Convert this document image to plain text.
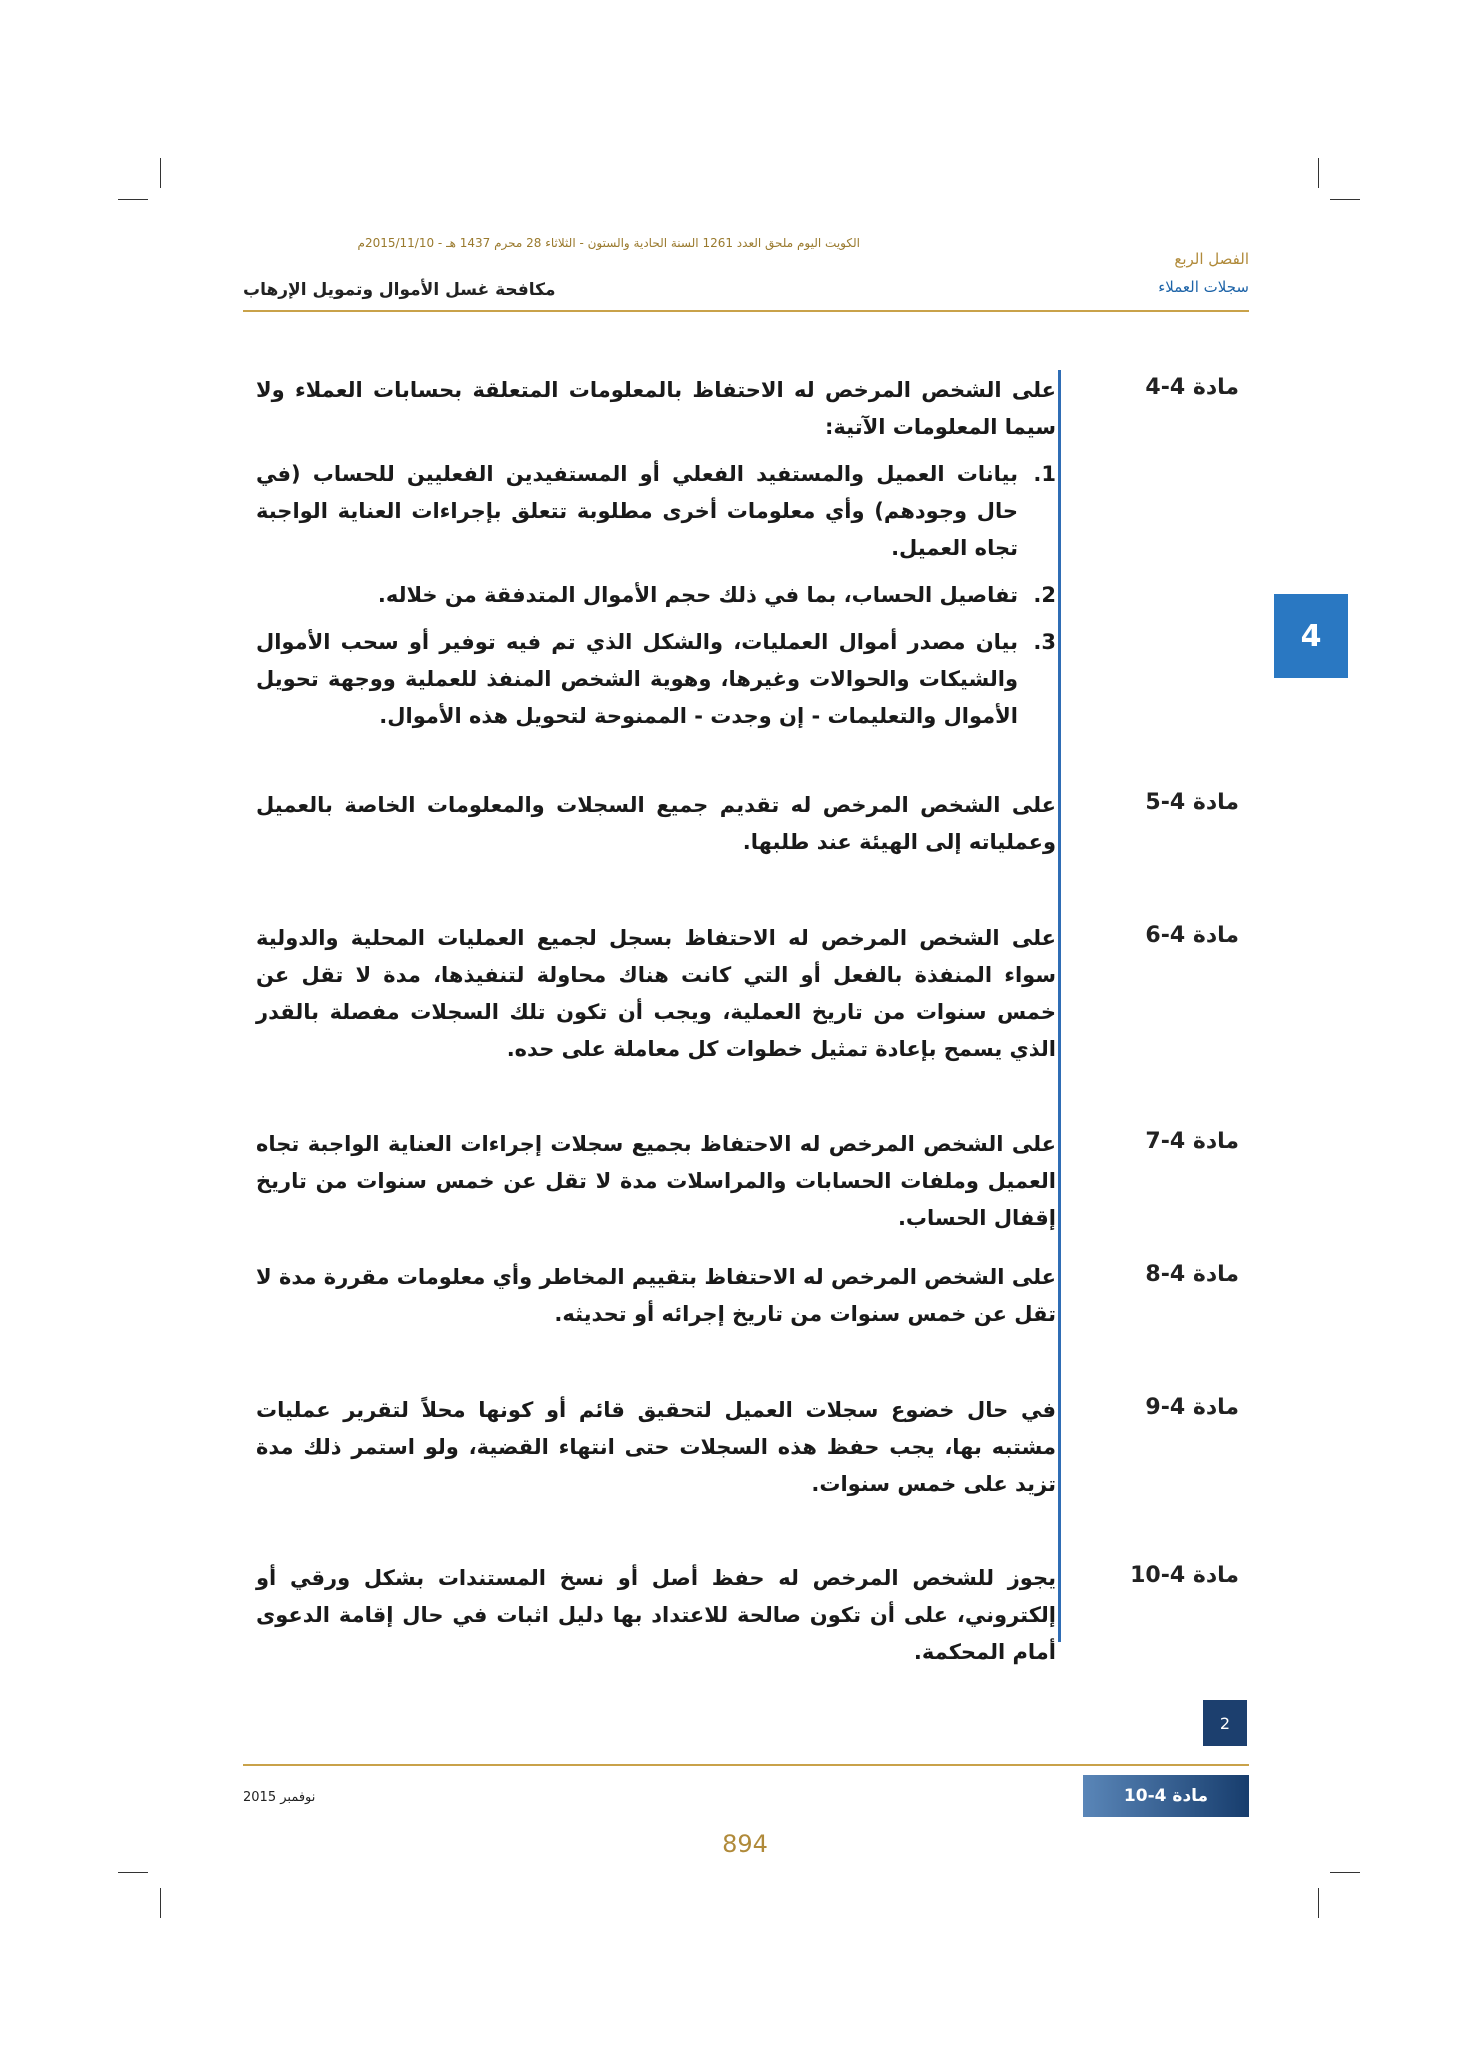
الكويت اليوم ملحق العدد 1261 السنة الحادية والستون - الثلاثاء 28 محرم 1437 هـ - 2015/11/10م
مكافحة غسل الأموال وتمويل الإرهاب
الفصل الربع
سجلات العملاء
4
مادة 4-4

على الشخص المرخص له الاحتفاظ بالمعلومات المتعلقة بحسابات العملاء ولا سيما المعلومات الآتية:

1.
بيانات العميل والمستفيد الفعلي أو المستفيدين الفعليين للحساب (في حال وجودهم) وأي معلومات أخرى مطلوبة تتعلق بإجراءات العناية الواجبة تجاه العميل.
2.
تفاصيل الحساب، بما في ذلك حجم الأموال المتدفقة من خلاله.
3.
بيان مصدر أموال العمليات، والشكل الذي تم فيه توفير أو سحب الأموال والشيكات والحوالات وغيرها، وهوية الشخص المنفذ للعملية ووجهة تحويل الأموال والتعليمات - إن وجدت - الممنوحة لتحويل هذه الأموال.
مادة 4-5

على الشخص المرخص له تقديم جميع السجلات والمعلومات الخاصة بالعميل وعملياته إلى الهيئة عند طلبها.

مادة 4-6

على الشخص المرخص له الاحتفاظ بسجل لجميع العمليات المحلية والدولية سواء المنفذة بالفعل أو التي كانت هناك محاولة لتنفيذها، مدة لا تقل عن خمس سنوات من تاريخ العملية، ويجب أن تكون تلك السجلات مفصلة بالقدر الذي يسمح بإعادة تمثيل خطوات كل معاملة على حده.

مادة 4-7

على الشخص المرخص له الاحتفاظ بجميع سجلات إجراءات العناية الواجبة تجاه العميل وملفات الحسابات والمراسلات مدة لا تقل عن خمس سنوات من تاريخ إقفال الحساب.

مادة 4-8

على الشخص المرخص له الاحتفاظ بتقييم المخاطر وأي معلومات مقررة مدة لا تقل عن خمس سنوات من تاريخ إجرائه أو تحديثه.

مادة 4-9

في حال خضوع سجلات العميل لتحقيق قائم أو كونها محلاً لتقرير عمليات مشتبه بها، يجب حفظ هذه السجلات حتى انتهاء القضية، ولو استمر ذلك مدة تزيد على خمس سنوات.

مادة 4-10

يجوز للشخص المرخص له حفظ أصل أو نسخ المستندات بشكل ورقي أو إلكتروني، على أن تكون صالحة للاعتداد بها دليل اثبات في حال إقامة الدعوى أمام المحكمة.

2
نوفمبر 2015	مادة 4-10
894
